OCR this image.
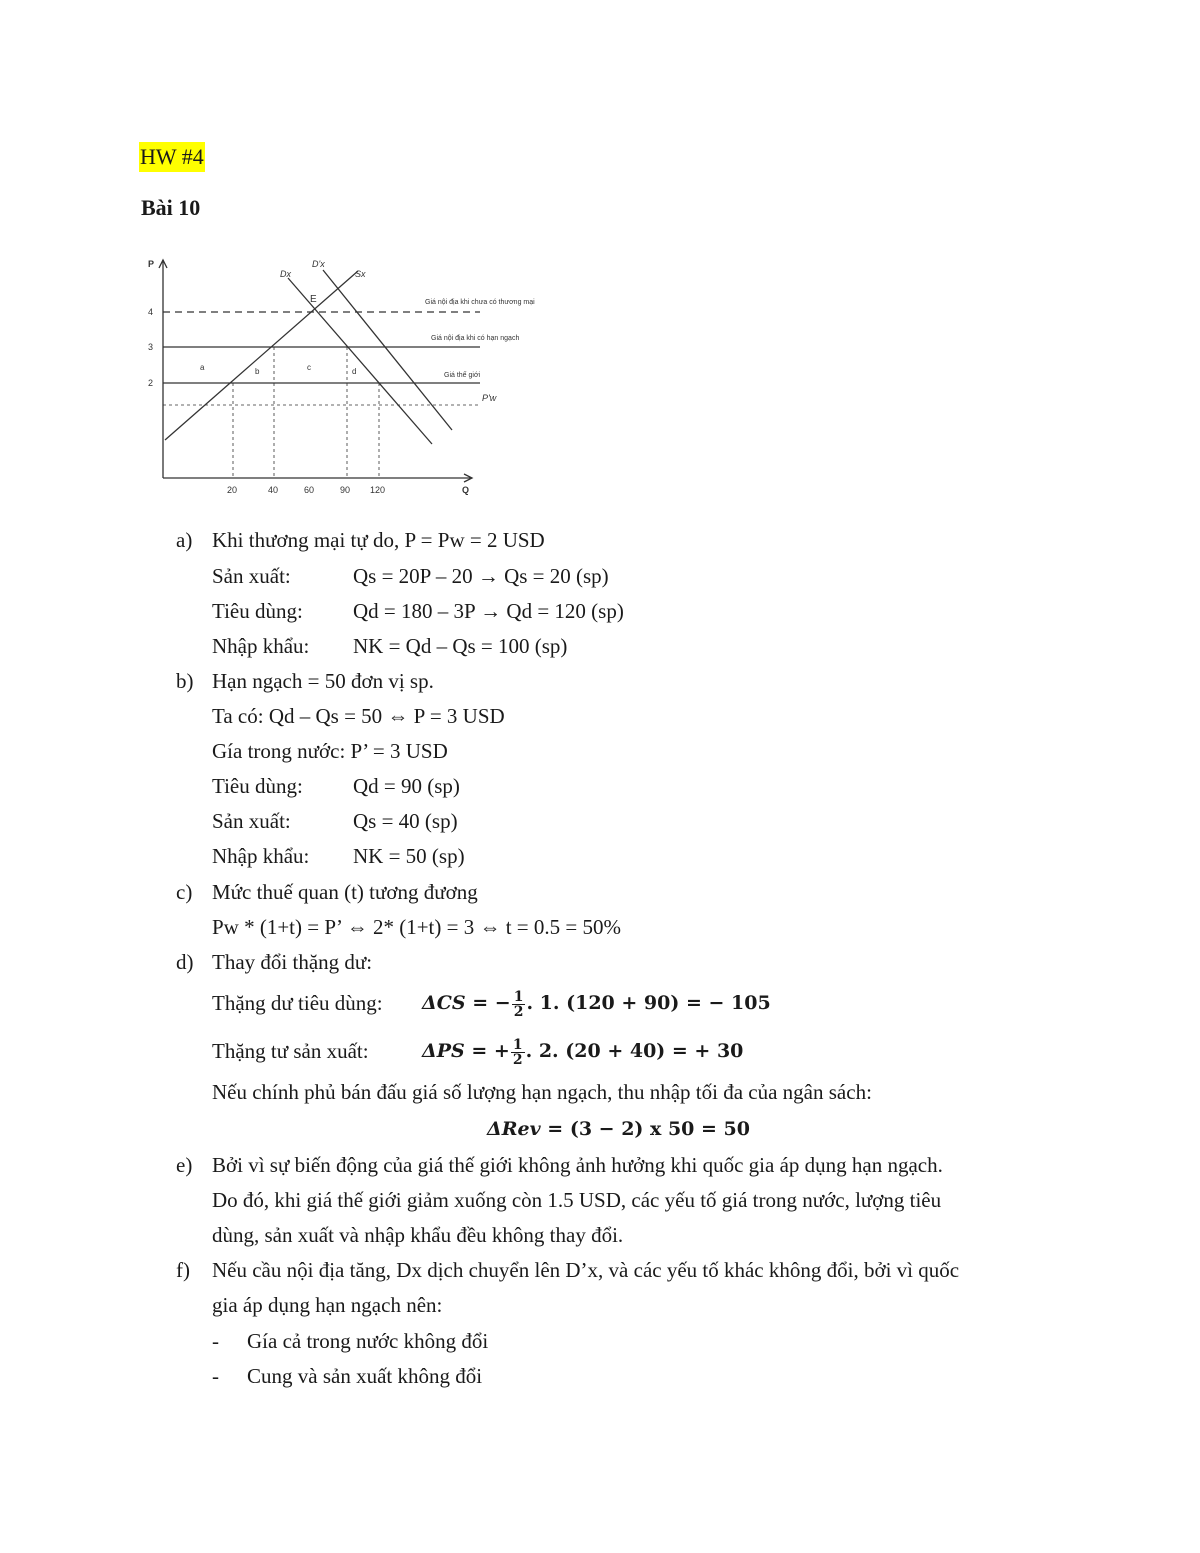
HW #4
Bài 10
P
Q
4
3
2
20	40	60	90 120
E
Dx
D'x
Sx
P'w
Giá nội địa khi chưa có thương mại
Giá nội địa khi có hạn ngạch
Giá thế giới
a	b	c	d
a) Khi thương mại tự do, P = Pw = 2 USD
Sản xuất:	Qs = 20P – 20 → Qs = 20 (sp)
Tiêu dùng: Qd = 180 – 3P → Qd = 120 (sp)
Nhập khẩu: NK = Qd – Qs = 100 (sp)
b) Hạn ngạch = 50 đơn vị sp.
Ta có: Qd – Qs = 50 ⇔ P = 3 USD
Gía trong nước: P’ = 3 USD
Tiêu dùng: Qd = 90 (sp)
Sản xuất:	Qs = 40 (sp)
Nhập khẩu: NK = 50 (sp)
c) Mức thuế quan (t) tương đương
Pw * (1+t) = P’ ⇔ 2* (1+t) = 3 ⇔ t = 0.5 = 50%
d) Thay đổi thặng dư:
Thặng dư tiêu dùng: ΔCS = − $\frac{1}{2}$ . 1. (120 + 90) = − 105
Thặng tư sản xuất:	ΔPS = + $\frac{1}{2}$ . 2. (20 + 40) = + 30
Nếu chính phủ bán đấu giá số lượng hạn ngạch, thu nhập tối đa của ngân sách:
ΔRev = (3 − 2) x 50 = 50
e) Bởi vì sự biến động của giá thế giới không ảnh hưởng khi quốc gia áp dụng hạn ngạch.
Do đó, khi giá thế giới giảm xuống còn 1.5 USD, các yếu tố giá trong nước, lượng tiêu
dùng, sản xuất và nhập khẩu đều không thay đổi.
f) Nếu cầu nội địa tăng, Dx dịch chuyển lên D’x, và các yếu tố khác không đổi, bởi vì quốc
gia áp dụng hạn ngạch nên:
- Gía cả trong nước không đổi
- Cung và sản xuất không đổi
